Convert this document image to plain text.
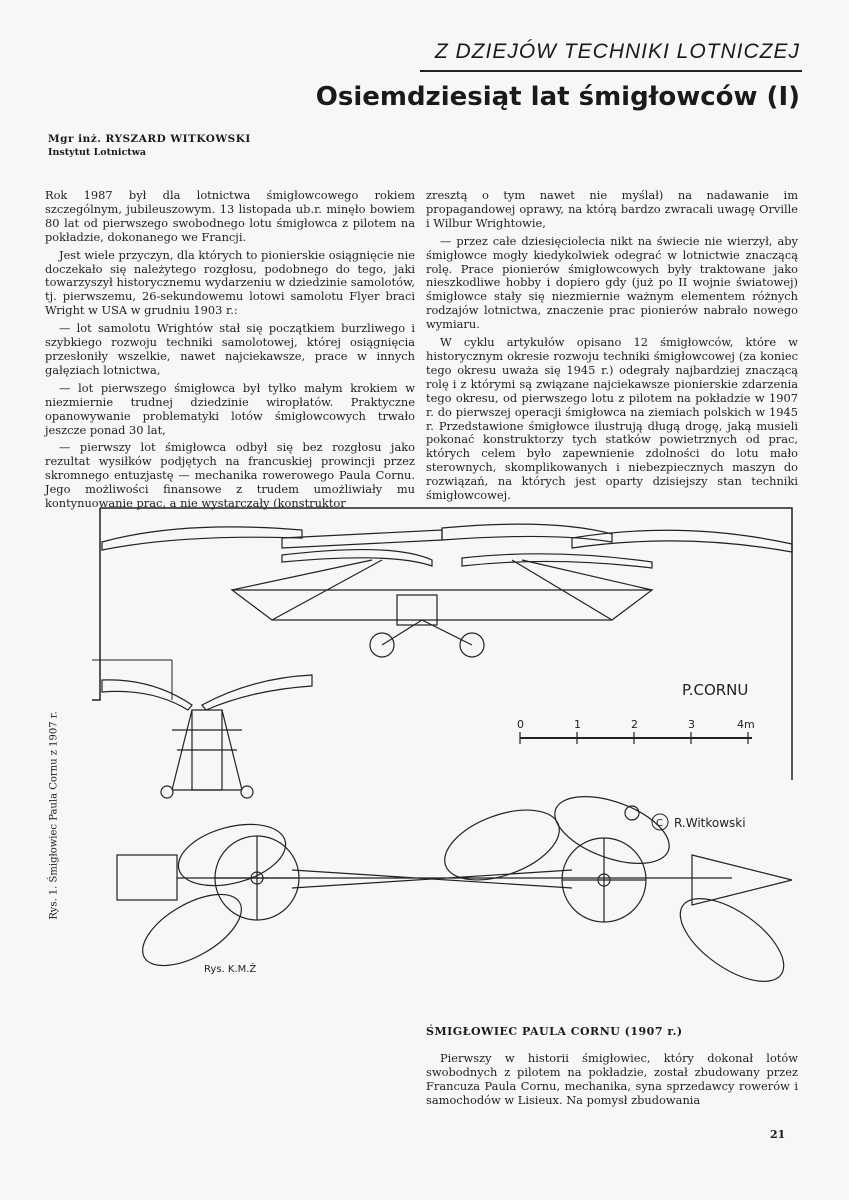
Z DZIEJÓW TECHNIKI LOTNICZEJ
Osiemdziesiąt lat śmigłowców (I)
Mgr inż. RYSZARD WITKOWSKI
Instytut Lotnictwa

Rok 1987 był dla lotnictwa śmigłowcowego rokiem szczególnym, jubileuszowym. 13 listopada ub.r. minęło bowiem 80 lat od pierwszego swobodnego lotu śmigłowca z pilotem na pokładzie, dokonanego we Francji.

Jest wiele przyczyn, dla których to pionierskie osiągnięcie nie doczekało się należytego rozgłosu, podobnego do tego, jaki towarzyszył historycznemu wydarzeniu w dziedzinie samolotów, tj. pierwszemu, 26-sekundowemu lotowi samolotu Flyer braci Wright w USA w grudniu 1903 r.:

— lot samolotu Wrightów stał się początkiem burzliwego i szybkiego rozwoju techniki samolotowej, której osiągnięcia przesłoniły wszelkie, nawet najciekawsze, prace w innych gałęziach lotnictwa,

— lot pierwszego śmigłowca był tylko małym krokiem w niezmiernie trudnej dziedzinie wiropłatów. Praktyczne opanowywanie problematyki lotów śmigłowcowych trwało jeszcze ponad 30 lat,

— pierwszy lot śmigłowca odbył się bez rozgłosu jako rezultat wysiłków podjętych na francuskiej prowincji przez skromnego entuzjastę — mechanika rowerowego Paula Cornu. Jego możliwości finansowe z trudem umożliwiały mu kontynuowanie prac, a nie wystarczały (konstruktor

zresztą o tym nawet nie myślał) na nadawanie im propagandowej oprawy, na którą bardzo zwracali uwagę Orville i Wilbur Wrightowie,

— przez całe dziesięciolecia nikt na świecie nie wierzył, aby śmigłowce mogły kiedykolwiek odegrać w lotnictwie znaczącą rolę. Prace pionierów śmigłowcowych były traktowane jako nieszkodliwe hobby i dopiero gdy (już po II wojnie światowej) śmigłowce stały się niezmiernie ważnym elementem różnych rodzajów lotnictwa, znaczenie prac pionierów nabrało nowego wymiaru.

W cyklu artykułów opisano 12 śmigłowców, które w historycznym okresie rozwoju techniki śmigłowcowej (za koniec tego okresu uważa się 1945 r.) odegrały najbardziej znaczącą rolę i z którymi są związane najciekawsze pionierskie zdarzenia tego okresu, od pierwszego lotu z pilotem na pokładzie w 1907 r. do pierwszej operacji śmigłowca na ziemiach polskich w 1945 r. Przedstawione śmigłowce ilustrują długą drogę, jaką musieli pokonać konstruktorzy tych statków powietrznych od prac, których celem było zapewnienie zdolności do lotu mało sterownych, skomplikowanych i niebezpiecznych maszyn do rozwiązań, na których jest oparty dzisiejszy stan techniki śmigłowcowej.

P.CORNU
0	1	2	3	4m
C R.Witkowski
Rys. K.M.Ż
Rys. 1. Śmigłowiec Paula Cornu z 1907 r.
ŚMIGŁOWIEC PAULA CORNU (1907 r.)

Pierwszy w historii śmigłowiec, który dokonał lotów swobodnych z pilotem na pokładzie, został zbudowany przez Francuza Paula Cornu, mechanika, syna sprzedawcy rowerów i samochodów w Lisieux. Na pomysł zbudowania

21
